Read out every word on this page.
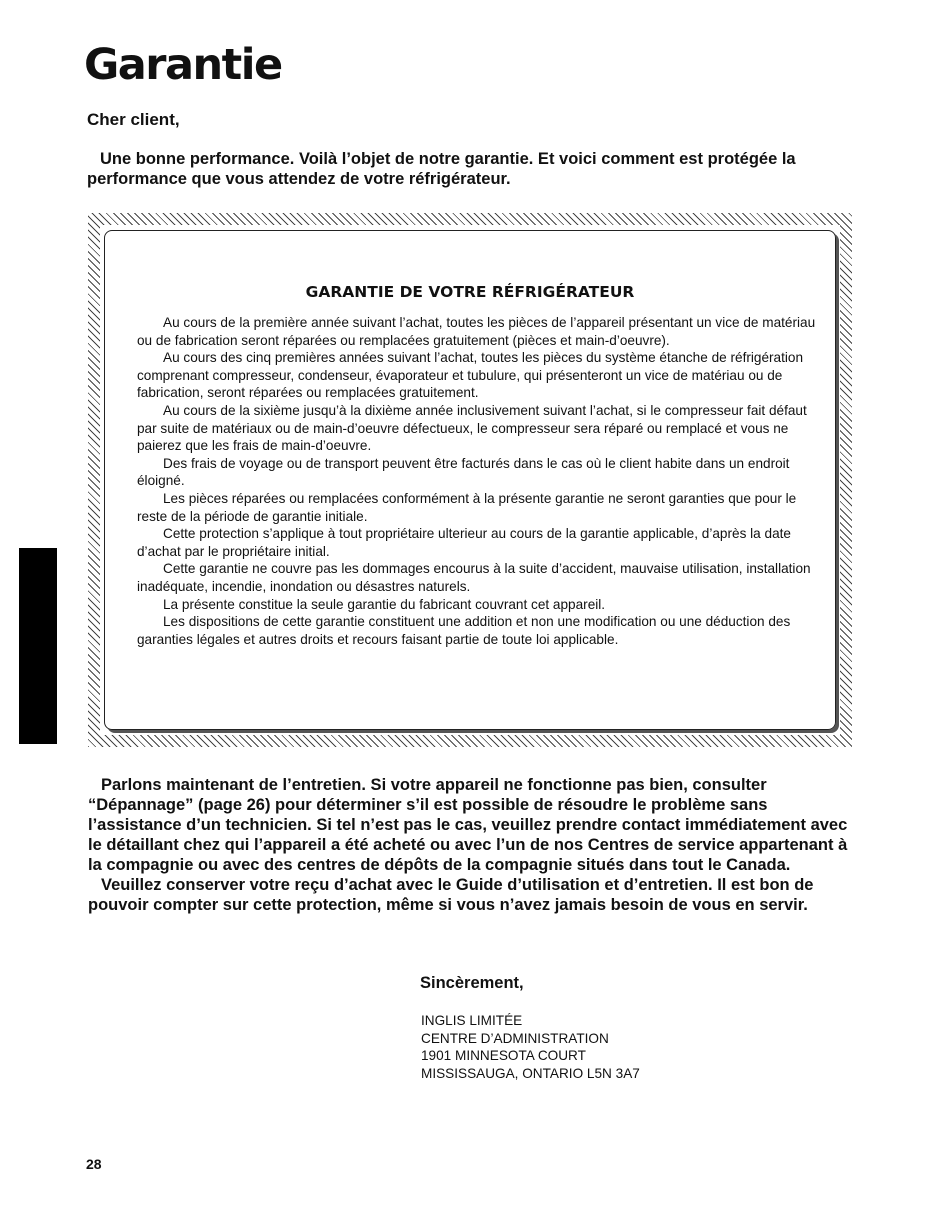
Garantie

Cher client,

Une bonne performance. Voilà l’objet de notre garantie. Et voici comment est protégée la performance que vous attendez de votre réfrigérateur.

GARANTIE DE VOTRE RÉFRIGÉRATEUR

Au cours de la première année suivant l’achat, toutes les pièces de l’appareil présentant un vice de matériau ou de fabrication seront réparées ou remplacées gratuitement (pièces et main-d’oeuvre).

Au cours des cinq premières années suivant l’achat, toutes les pièces du système étanche de réfrigération comprenant compresseur, condenseur, évaporateur et tubulure, qui présenteront un vice de matériau ou de fabrication, seront réparées ou remplacées gratuitement.

Au cours de la sixième jusqu’à la dixième année inclusivement suivant l’achat, si le compresseur fait défaut par suite de matériaux ou de main-d’oeuvre défectueux, le compresseur sera réparé ou remplacé et vous ne paierez que les frais de main-d’oeuvre.

Des frais de voyage ou de transport peuvent être facturés dans le cas où le client habite dans un endroit éloigné.

Les pièces réparées ou remplacées conformément à la présente garantie ne seront garanties que pour le reste de la période de garantie initiale.

Cette protection s’applique à tout propriétaire ulterieur au cours de la garantie applicable, d’après la date d’achat par le propriétaire initial.

Cette garantie ne couvre pas les dommages encourus à la suite d’accident, mauvaise utilisation, installation inadéquate, incendie, inondation ou désastres naturels.

La présente constitue la seule garantie du fabricant couvrant cet appareil.

Les dispositions de cette garantie constituent une addition et non une modification ou une déduction des garanties légales et autres droits et recours faisant partie de toute loi applicable.

Parlons maintenant de l’entretien. Si votre appareil ne fonctionne pas bien, consulter “Dépannage” (page 26) pour déterminer s’il est possible de résoudre le problème sans l’assistance d’un technicien. Si tel n’est pas le cas, veuillez prendre contact immédiatement avec le détaillant chez qui l’appareil a été acheté ou avec l’un de nos Centres de service appartenant à la compagnie ou avec des centres de dépôts de la compagnie situés dans tout le Canada.

Veuillez conserver votre reçu d’achat avec le Guide d’utilisation et d’entretien. Il est bon de pouvoir compter sur cette protection, même si vous n’avez jamais besoin de vous en servir.

Sincèrement,

INGLIS LIMITÉE
CENTRE D’ADMINISTRATION
1901 MINNESOTA COURT
MISSISSAUGA, ONTARIO L5N 3A7

28
